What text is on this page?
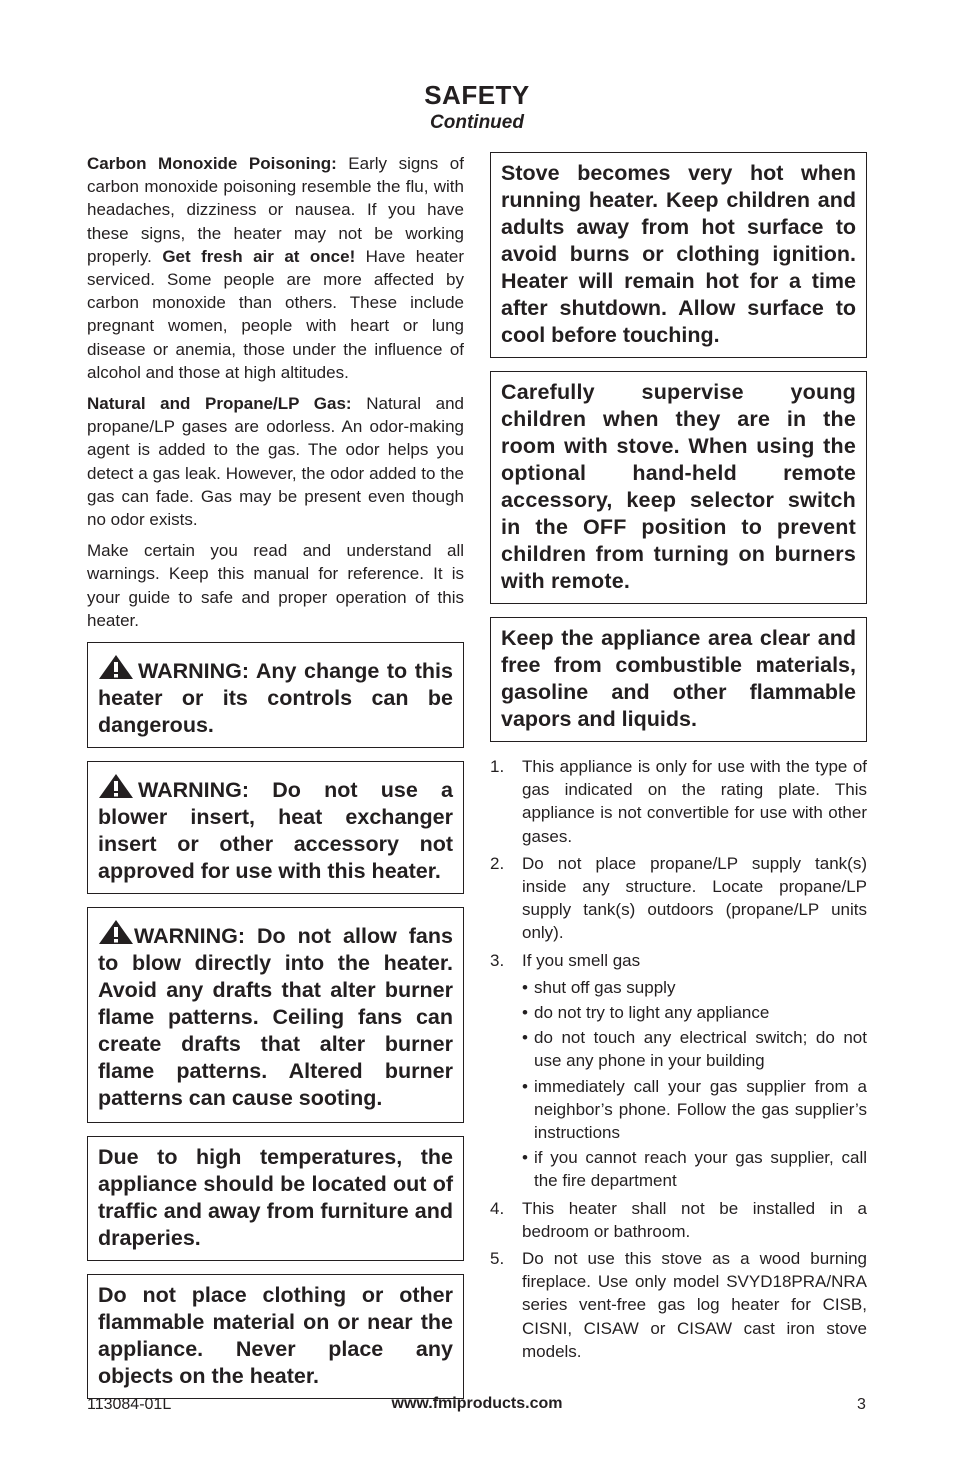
SAFETY
Continued

Carbon Monoxide Poisoning: Early signs of carbon monoxide poisoning resemble the flu, with headaches, dizziness or nausea. If you have these signs, the heater may not be working properly. Get fresh air at once! Have heater serviced. Some people are more affected by carbon monoxide than others. These include pregnant women, people with heart or lung disease or anemia, those under the influence of alcohol and those at high altitudes.

Natural and Propane/LP Gas: Natural and propane/LP gases are odorless. An odor-making agent is added to the gas. The odor helps you detect a gas leak. However, the odor added to the gas can fade. Gas may be present even though no odor exists.

Make certain you read and understand all warnings. Keep this manual for reference. It is your guide to safe and proper operation of this heater.

WARNING: Any change to this heater or its controls can be dangerous.
WARNING: Do not use a blower insert, heat exchanger insert or other accessory not approved for use with this heater.
WARNING: Do not allow fans to blow directly into the heater. Avoid any drafts that alter burner flame patterns. Ceiling fans can create drafts that alter burner flame patterns. Altered burner patterns can cause sooting.
Due to high temperatures, the appliance should be located out of traffic and away from furniture and draperies.
Do not place clothing or other flammable material on or near the appliance. Never place any objects on the heater.
Stove becomes very hot when running heater. Keep children and adults away from hot surface to avoid burns or clothing ignition. Heater will remain hot for a time after shutdown. Allow surface to cool before touching.
Carefully supervise young children when they are in the room with stove. When using the optional hand-held remote accessory, keep selector switch in the OFF position to prevent children from turning on burners with remote.
Keep the appliance area clear and free from combustible materials, gasoline and other flammable vapors and liquids.
1. This appliance is only for use with the type of gas indicated on the rating plate. This appliance is not convertible for use with other gases.
2. Do not place propane/LP supply tank(s) inside any structure. Locate propane/LP supply tank(s) outdoors (propane/LP units only).
3. If you smell gas
• shut off gas supply
• do not try to light any appliance
• do not touch any electrical switch; do not use any phone in your building
• immediately call your gas supplier from a neighbor’s phone. Follow the gas supplier’s instructions
• if you cannot reach your gas supplier, call the fire department
4. This heater shall not be installed in a bedroom or bathroom.
5. Do not use this stove as a wood burning fireplace. Use only model SVYD18PRA/NRA series vent-free gas log heater for CISB, CISNI, CISAW or CISAW cast iron stove models.
113084-01L	www.fmiproducts.com	3
